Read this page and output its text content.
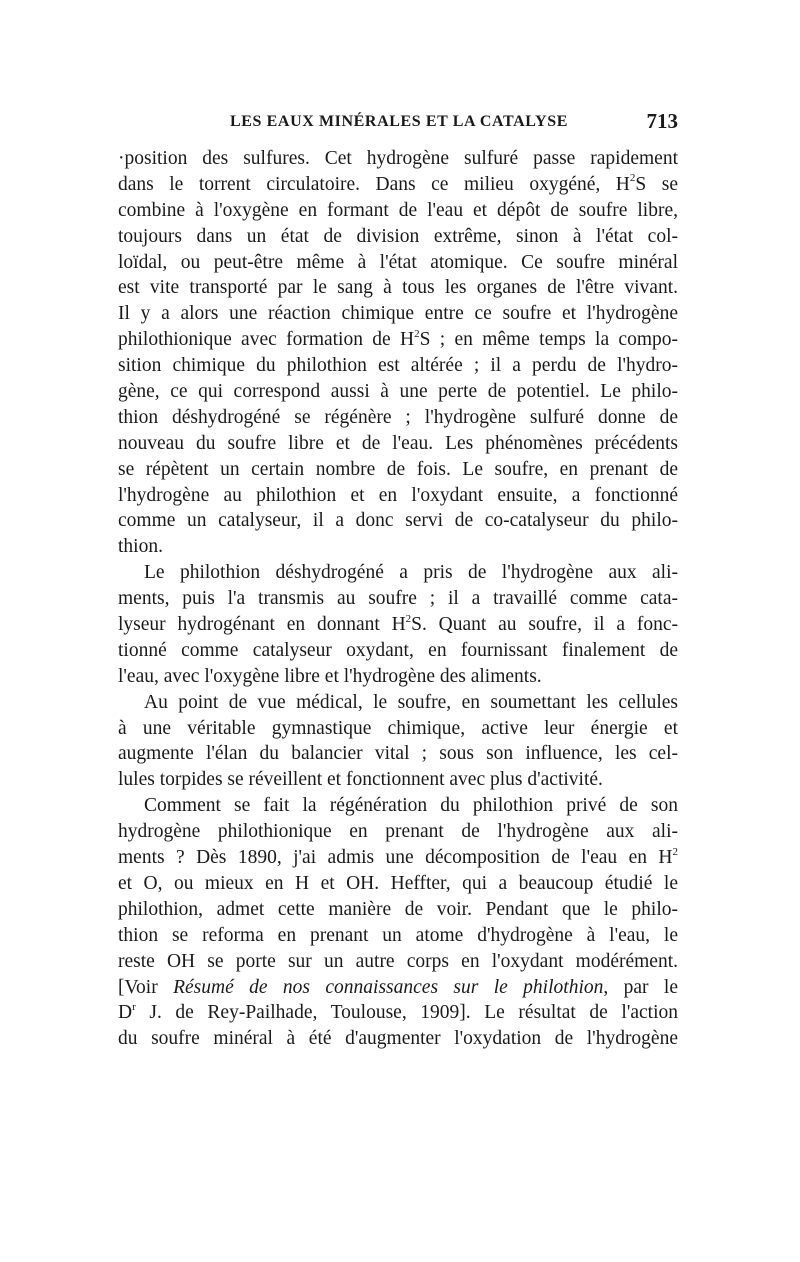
LES EAUX MINÉRALES ET LA CATALYSE	713
·position des sulfures. Cet hydrogène sulfuré passe rapidement
dans le torrent circulatoire. Dans ce milieu oxygéné, $H^2S$ se
combine à l'oxygène en formant de l'eau et dépôt de soufre libre,
toujours dans un état de division extrême, sinon à l'état col-
loïdal, ou peut-être même à l'état atomique. Ce soufre minéral
est vite transporté par le sang à tous les organes de l'être vivant.
Il y a alors une réaction chimique entre ce soufre et l'hydrogène
philothionique avec formation de $H^2S$ ; en même temps la compo-
sition chimique du philothion est altérée ; il a perdu de l'hydro-
gène, ce qui correspond aussi à une perte de potentiel. Le philo-
thion déshydrogéné se régénère ; l'hydrogène sulfuré donne de
nouveau du soufre libre et de l'eau. Les phénomènes précédents
se répètent un certain nombre de fois. Le soufre, en prenant de
l'hydrogène au philothion et en l'oxydant ensuite, a fonctionné
comme un catalyseur, il a donc servi de co-catalyseur du philo-
thion.
Le philothion déshydrogéné a pris de l'hydrogène aux ali-
ments, puis l'a transmis au soufre ; il a travaillé comme cata-
lyseur hydrogénant en donnant $H^2S$. Quant au soufre, il a fonc-
tionné comme catalyseur oxydant, en fournissant finalement de
l'eau, avec l'oxygène libre et l'hydrogène des aliments.
Au point de vue médical, le soufre, en soumettant les cellules
à une véritable gymnastique chimique, active leur énergie et
augmente l'élan du balancier vital ; sous son influence, les cel-
lules torpides se réveillent et fonctionnent avec plus d'activité.
Comment se fait la régénération du philothion privé de son
hydrogène philothionique en prenant de l'hydrogène aux ali-
ments ? Dès 1890, j'ai admis une décomposition de l'eau en $H^2$
et O, ou mieux en H et OH. Heffter, qui a beaucoup étudié le
philothion, admet cette manière de voir. Pendant que le philo-
thion se reforma en prenant un atome d'hydrogène à l'eau, le
reste OH se porte sur un autre corps en l'oxydant modérément.
[Voir Résumé de nos connaissances sur le philothion, par le
$D^r$ J. de Rey-Pailhade, Toulouse, 1909]. Le résultat de l'action
du soufre minéral à été d'augmenter l'oxydation de l'hydrogène
